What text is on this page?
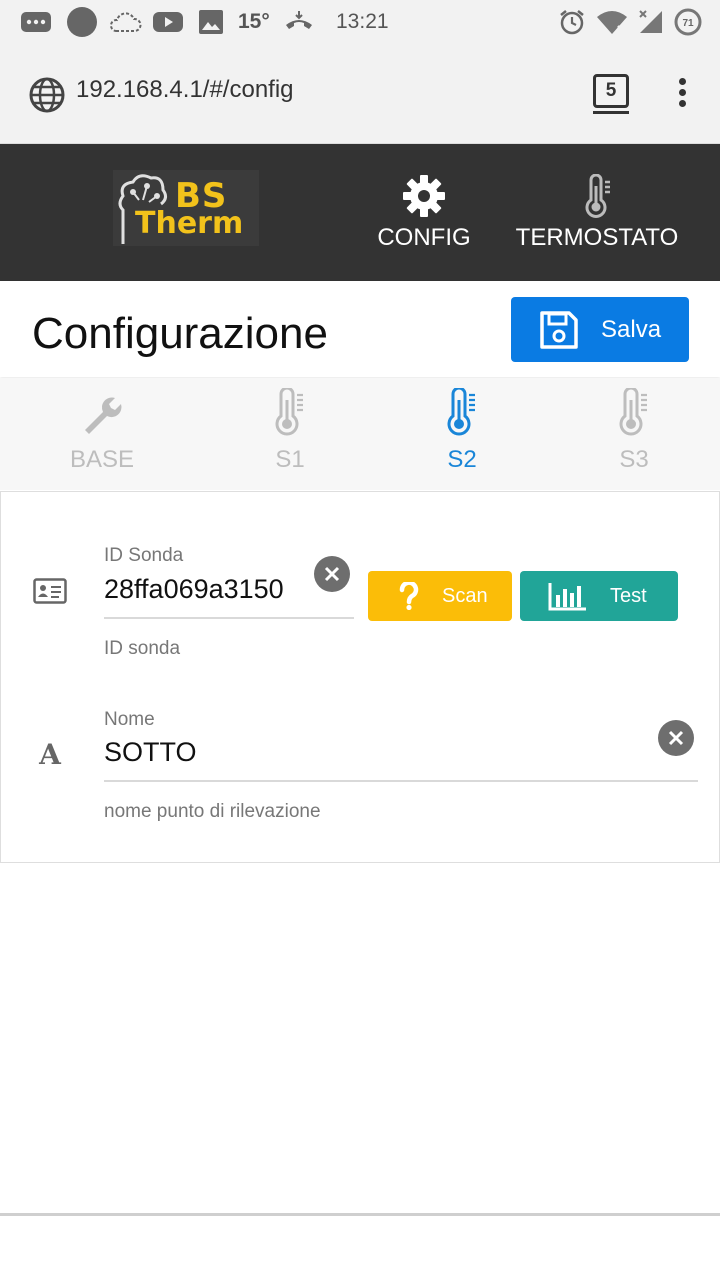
15°	13:21	71
192.168.4.1/#/config	5
BS
Therm	CONFIG TERMOSTATO
Configurazione	Salva
BASE	S1	S2	S3
ID Sonda
28ffa069a3150
ID sonda
Scan	Test
A
Nome
SOTTO
nome punto di rilevazione
